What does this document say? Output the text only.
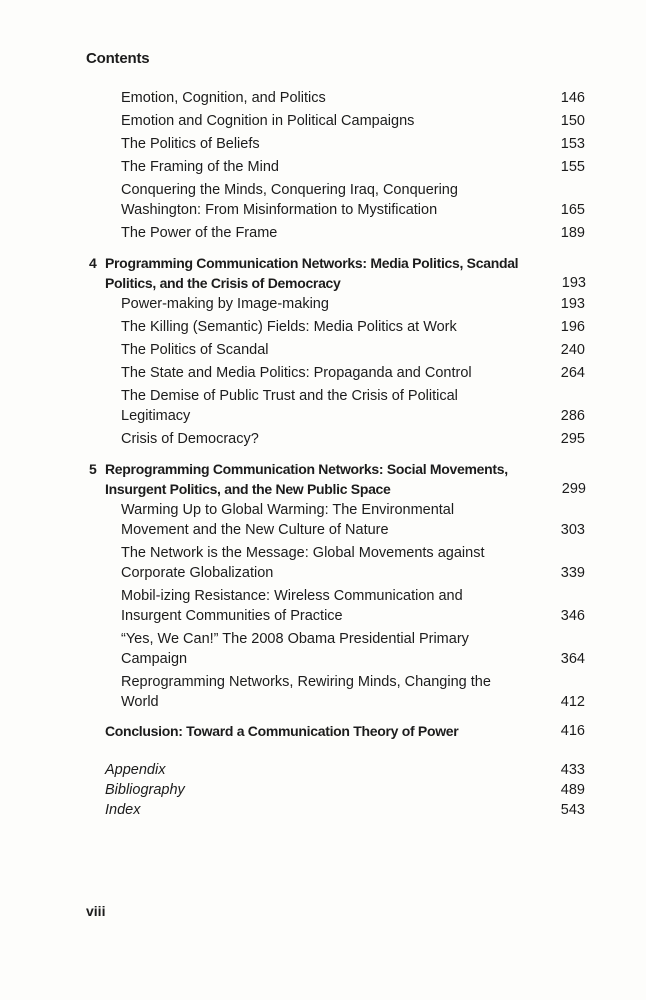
Contents
Emotion, Cognition, and Politics	146
Emotion and Cognition in Political Campaigns	150
The Politics of Beliefs	153
The Framing of the Mind	155
Conquering the Minds, Conquering Iraq, Conquering Washington: From Misinformation to Mystification	165
The Power of the Frame	189
4 Programming Communication Networks: Media Politics, Scandal Politics, and the Crisis of Democracy	193
Power-making by Image-making	193
The Killing (Semantic) Fields: Media Politics at Work	196
The Politics of Scandal	240
The State and Media Politics: Propaganda and Control	264
The Demise of Public Trust and the Crisis of Political Legitimacy	286
Crisis of Democracy?	295
5 Reprogramming Communication Networks: Social Movements, Insurgent Politics, and the New Public Space	299
Warming Up to Global Warming: The Environmental Movement and the New Culture of Nature	303
The Network is the Message: Global Movements against Corporate Globalization	339
Mobil-izing Resistance: Wireless Communication and Insurgent Communities of Practice	346
“Yes, We Can!” The 2008 Obama Presidential Primary Campaign	364
Reprogramming Networks, Rewiring Minds, Changing the World	412
Conclusion: Toward a Communication Theory of Power	416
Appendix	433
Bibliography	489
Index	543
viii
